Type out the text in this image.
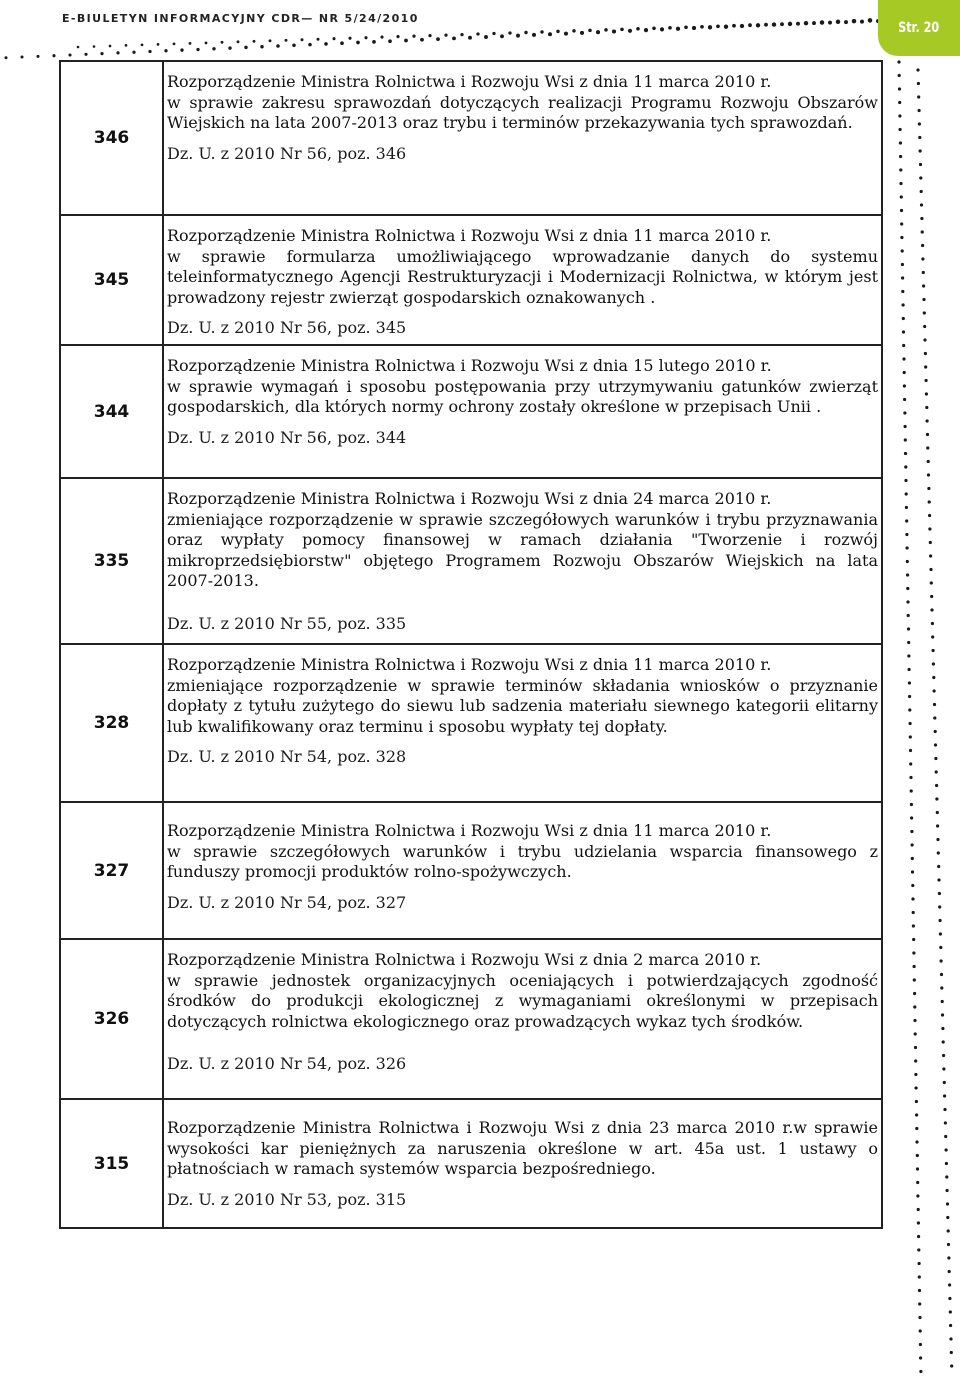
E-BIULETYN INFORMACYJNY CDR— NR 5/24/2010
Str. 20
346	Rozporządzenie Ministra Rolnictwa i Rozwoju Wsi z dnia 11 marca 2010 r.
w sprawie zakresu sprawozdań dotyczących realizacji Programu Rozwoju Obszarów Wiejskich na lata 2007-2013 oraz trybu i terminów przekazywania tych sprawozdań.
Dz. U. z 2010 Nr 56, poz. 346

345	Rozporządzenie Ministra Rolnictwa i Rozwoju Wsi z dnia 11 marca 2010 r.
w sprawie formularza umożliwiającego wprowadzanie danych do systemu teleinformatycznego Agencji Restrukturyzacji i Modernizacji Rolnictwa, w którym jest prowadzony rejestr zwierząt gospodarskich oznakowanych .
Dz. U. z 2010 Nr 56, poz. 345

344	Rozporządzenie Ministra Rolnictwa i Rozwoju Wsi z dnia 15 lutego 2010 r.
w sprawie wymagań i sposobu postępowania przy utrzymywaniu gatunków zwierząt gospodarskich, dla których normy ochrony zostały określone w przepisach Unii .
Dz. U. z 2010 Nr 56, poz. 344

335	Rozporządzenie Ministra Rolnictwa i Rozwoju Wsi z dnia 24 marca 2010 r.
zmieniające rozporządzenie w sprawie szczegółowych warunków i trybu przyznawania oraz wypłaty pomocy finansowej w ramach działania "Tworzenie i rozwój mikroprzedsiębiorstw" objętego Programem Rozwoju Obszarów Wiejskich na lata 2007-2013.
Dz. U. z 2010 Nr 55, poz. 335

328	Rozporządzenie Ministra Rolnictwa i Rozwoju Wsi z dnia 11 marca 2010 r.
zmieniające rozporządzenie w sprawie terminów składania wniosków o przyznanie dopłaty z tytułu zużytego do siewu lub sadzenia materiału siewnego kategorii elitarny lub kwalifikowany oraz terminu i sposobu wypłaty tej dopłaty.
Dz. U. z 2010 Nr 54, poz. 328

327	Rozporządzenie Ministra Rolnictwa i Rozwoju Wsi z dnia 11 marca 2010 r.
w sprawie szczegółowych warunków i trybu udzielania wsparcia finansowego z funduszy promocji produktów rolno-spożywczych.
Dz. U. z 2010 Nr 54, poz. 327

326	Rozporządzenie Ministra Rolnictwa i Rozwoju Wsi z dnia 2 marca 2010 r.
w sprawie jednostek organizacyjnych oceniających i potwierdzających zgodność środków do produkcji ekologicznej z wymaganiami określonymi w przepisach dotyczących rolnictwa ekologicznego oraz prowadzących wykaz tych środków.
Dz. U. z 2010 Nr 54, poz. 326

315	Rozporządzenie Ministra Rolnictwa i Rozwoju Wsi z dnia 23 marca 2010 r.w sprawie wysokości kar pieniężnych za naruszenia określone w art. 45a ust. 1 ustawy o płatnościach w ramach systemów wsparcia bezpośredniego.
Dz. U. z 2010 Nr 53, poz. 315
